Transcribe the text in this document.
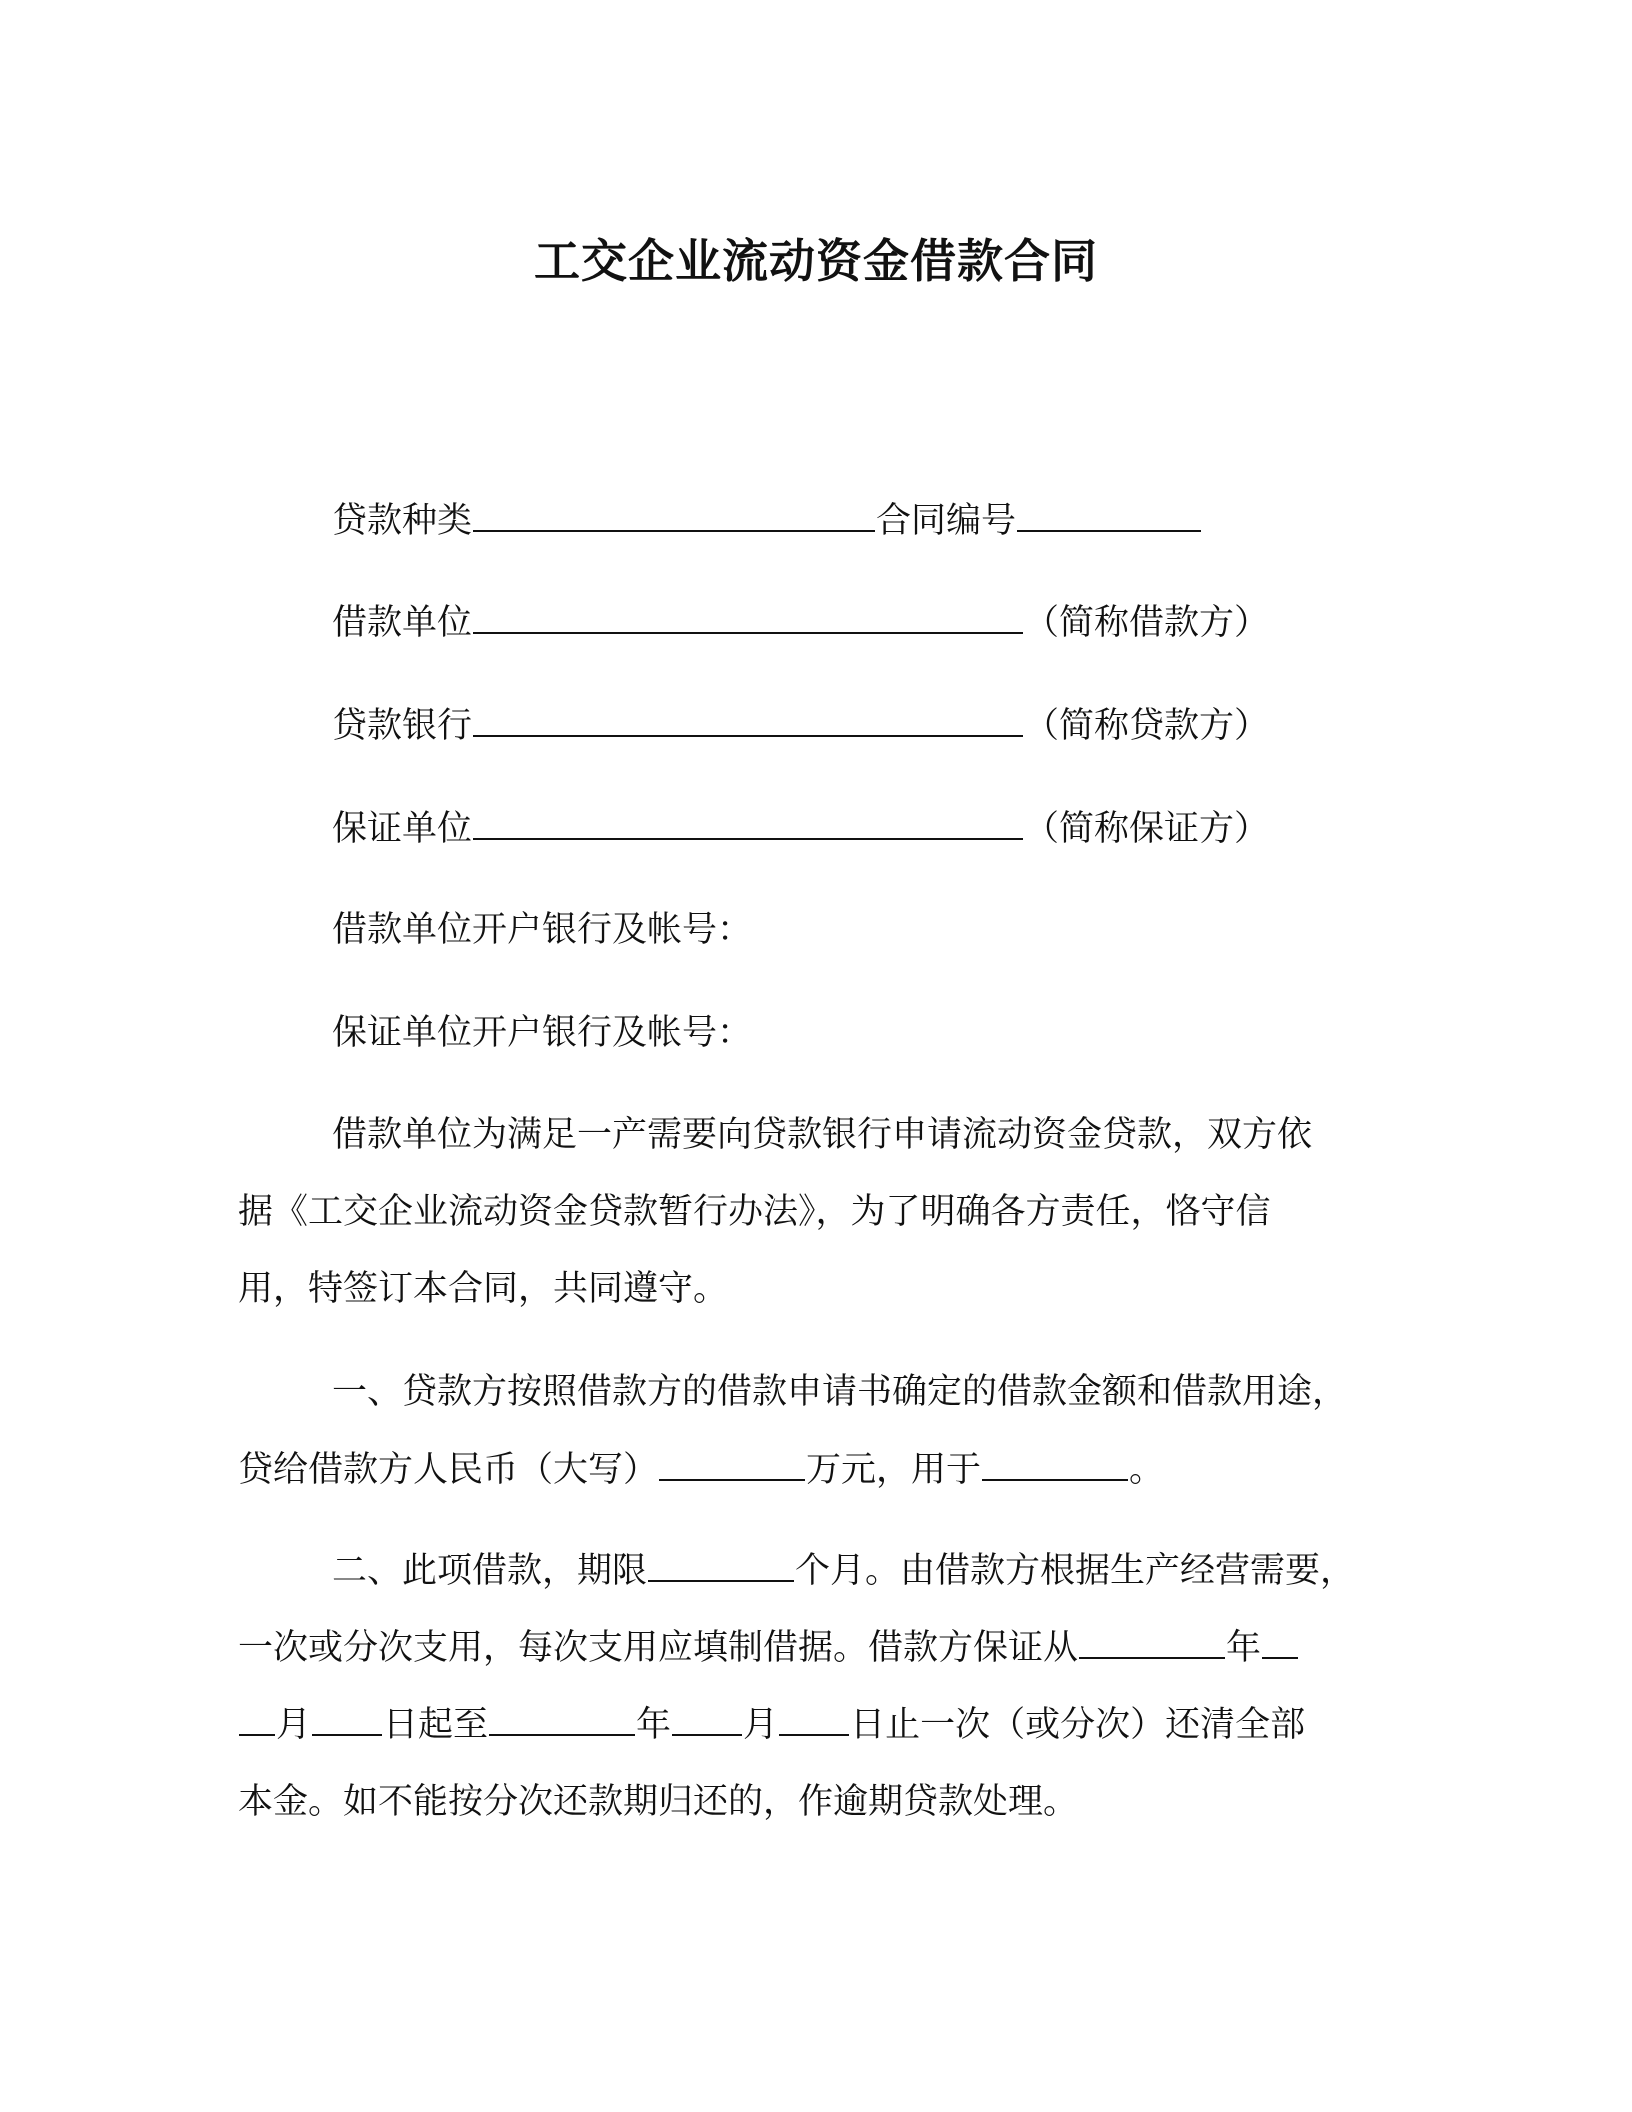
工交企业流动资金借款合同
贷款种类	合同编号
借款单位	（简称借款方）
贷款银行	（简称贷款方）
保证单位	（简称保证方）
借款单位开户银行及帐号：
保证单位开户银行及帐号：
借款单位为满足一产需要向贷款银行申请流动资金贷款，双方依
据《工交企业流动资金贷款暂行办法》，为了明确各方责任，恪守信
用，特签订本合同，共同遵守。
一、贷款方按照借款方的借款申请书确定的借款金额和借款用途，
贷给借款方人民币（大写）	万元，用于	。
二、此项借款，期限	个月。由借款方根据生产经营需要，
一次或分次支用，每次支用应填制借据。借款方保证从	年
月 日起至	年 月 日止一次（或分次）还清全部
本金。如不能按分次还款期归还的，作逾期贷款处理。
